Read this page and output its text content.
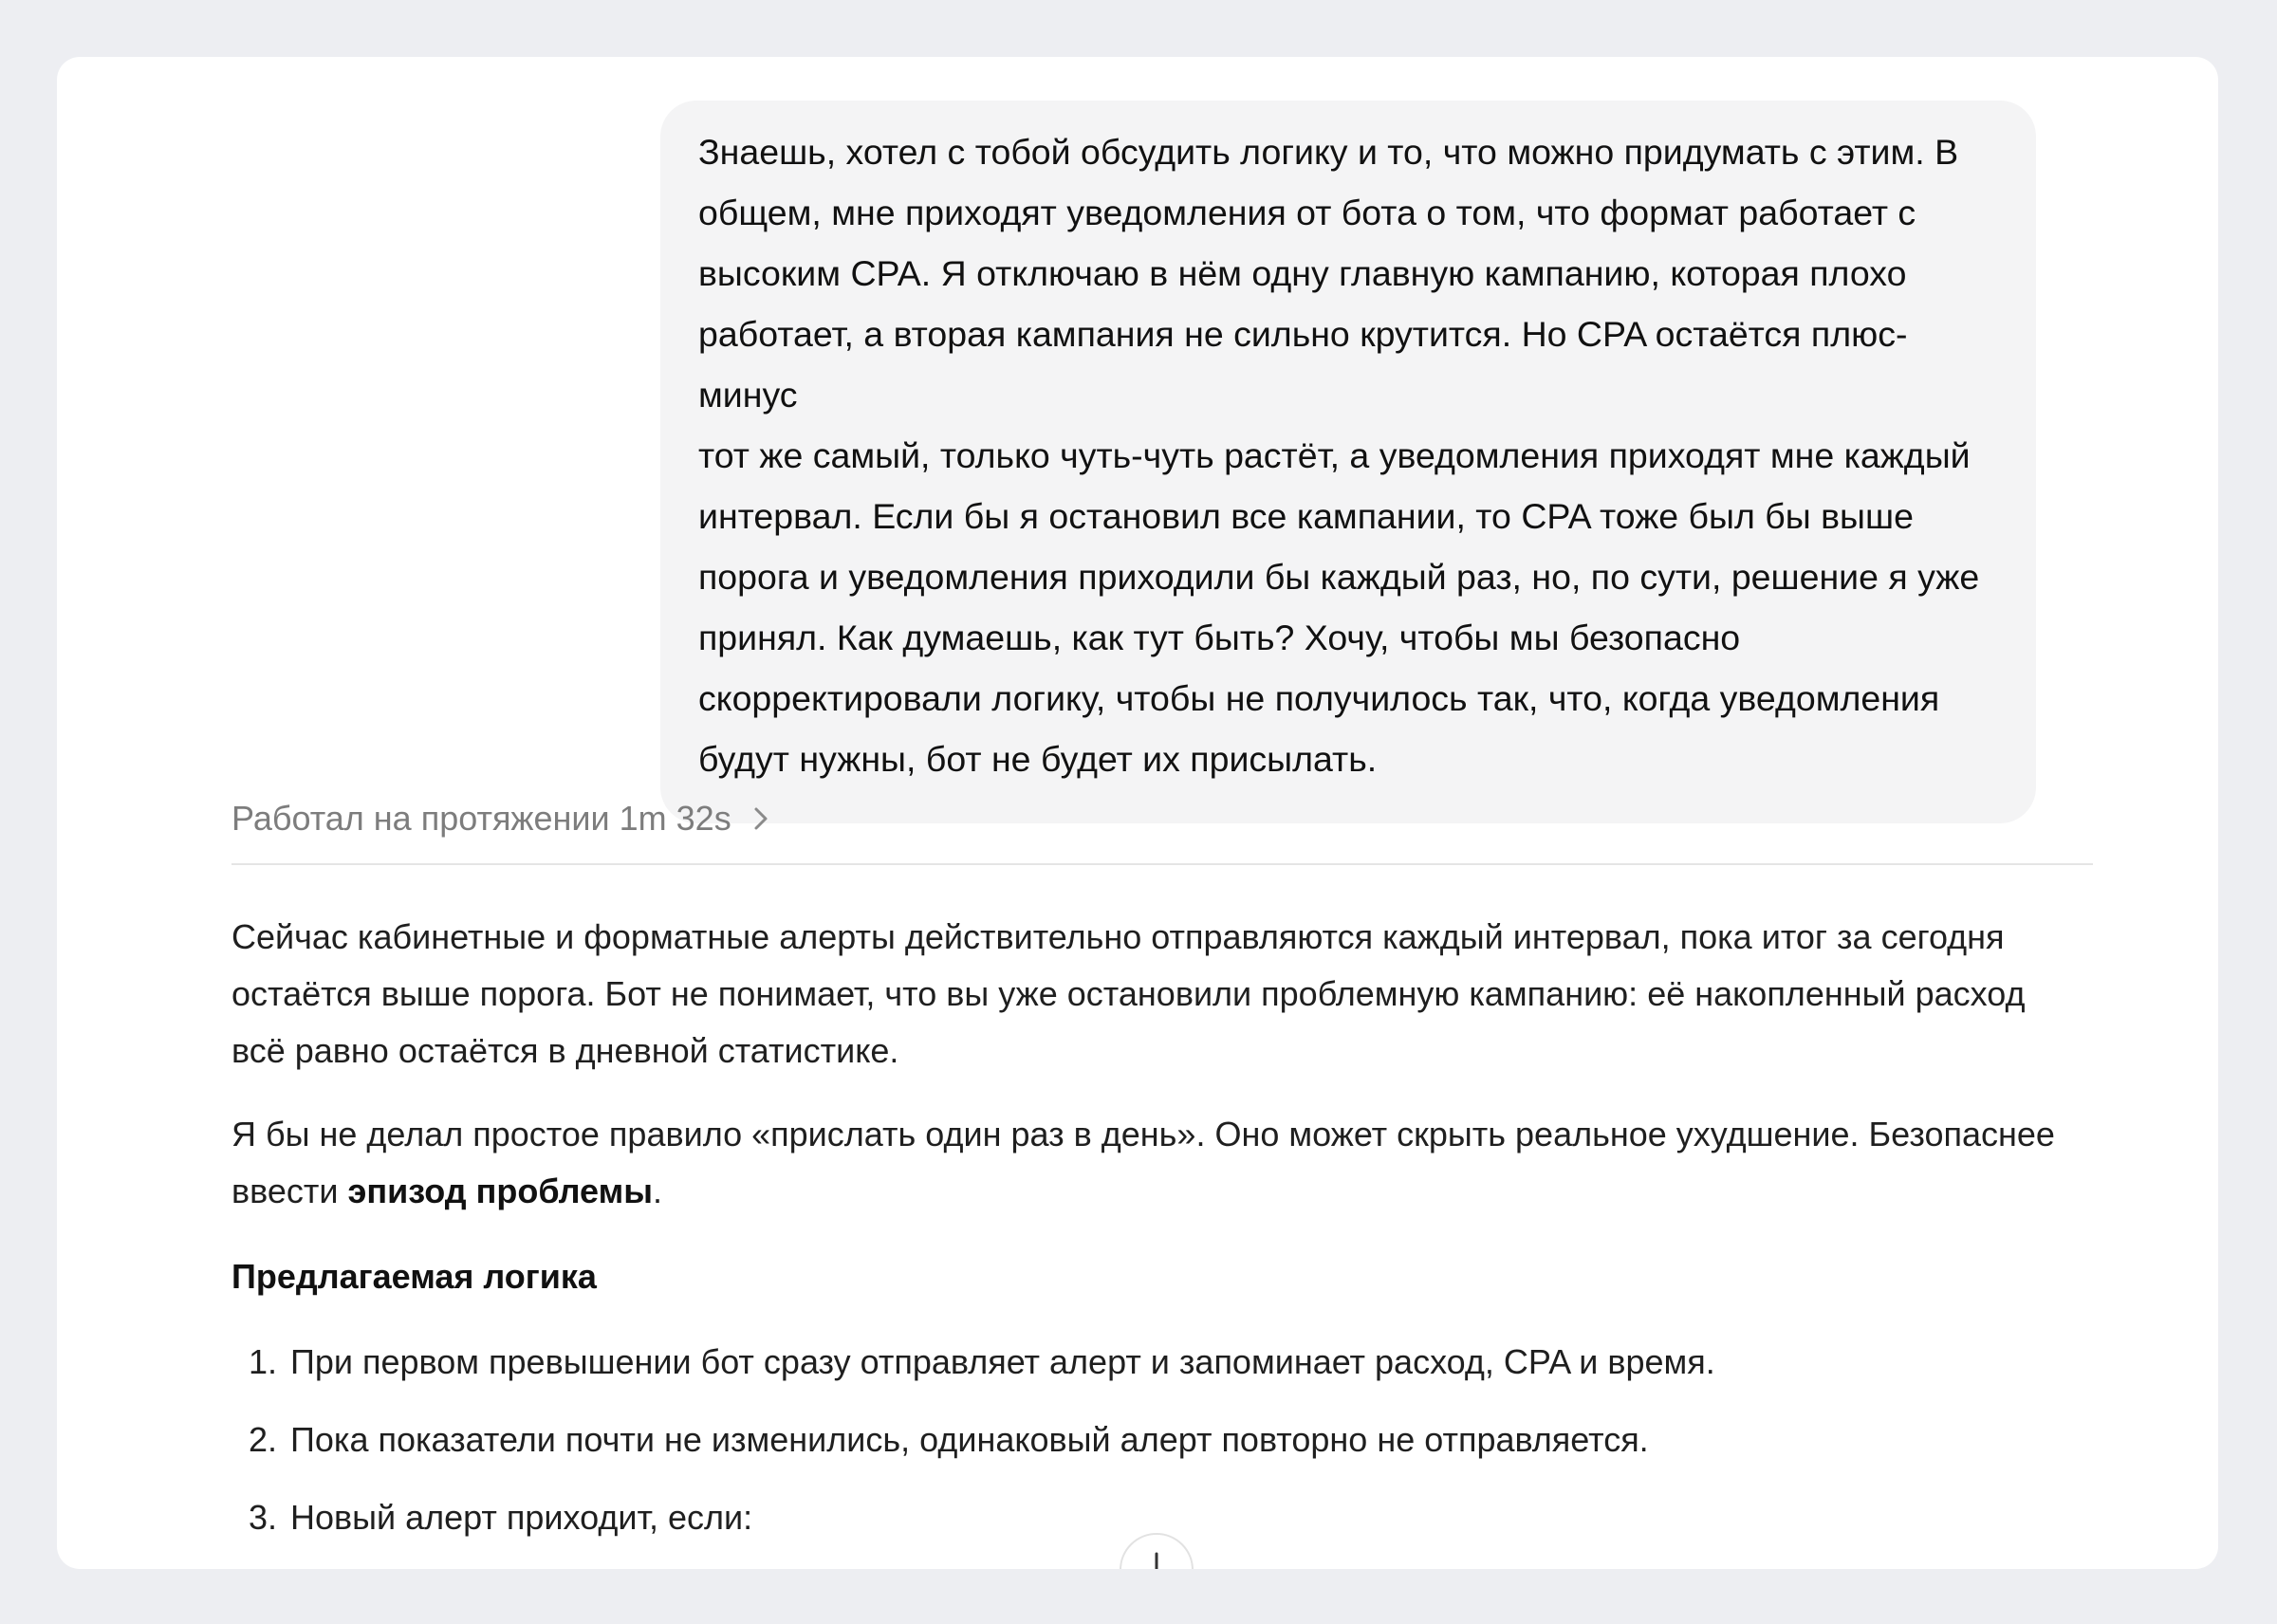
Знаешь, хотел с тобой обсудить логику и то, что можно придумать с этим. В
общем, мне приходят уведомления от бота о том, что формат работает с
высоким CPA. Я отключаю в нём одну главную кампанию, которая плохо
работает, а вторая кампания не сильно крутится. Но CPA остаётся плюс-минус
тот же самый, только чуть-чуть растёт, а уведомления приходят мне каждый
интервал. Если бы я остановил все кампании, то CPA тоже был бы выше
порога и уведомления приходили бы каждый раз, но, по сути, решение я уже
принял. Как думаешь, как тут быть? Хочу, чтобы мы безопасно
скорректировали логику, чтобы не получилось так, что, когда уведомления
будут нужны, бот не будет их присылать.
Работал на протяжении 1m 32s

Сейчас кабинетные и форматные алерты действительно отправляются каждый интервал, пока итог за сегодня
остаётся выше порога. Бот не понимает, что вы уже остановили проблемную кампанию: её накопленный расход
всё равно остаётся в дневной статистике.

Я бы не делал простое правило «прислать один раз в день». Оно может скрыть реальное ухудшение. Безопаснее
ввести эпизод проблемы.

Предлагаемая логика

1. При первом превышении бот сразу отправляет алерт и запоминает расход, CPA и время.
2. Пока показатели почти не изменились, одинаковый алерт повторно не отправляется.
3. Новый алерт приходит, если:
